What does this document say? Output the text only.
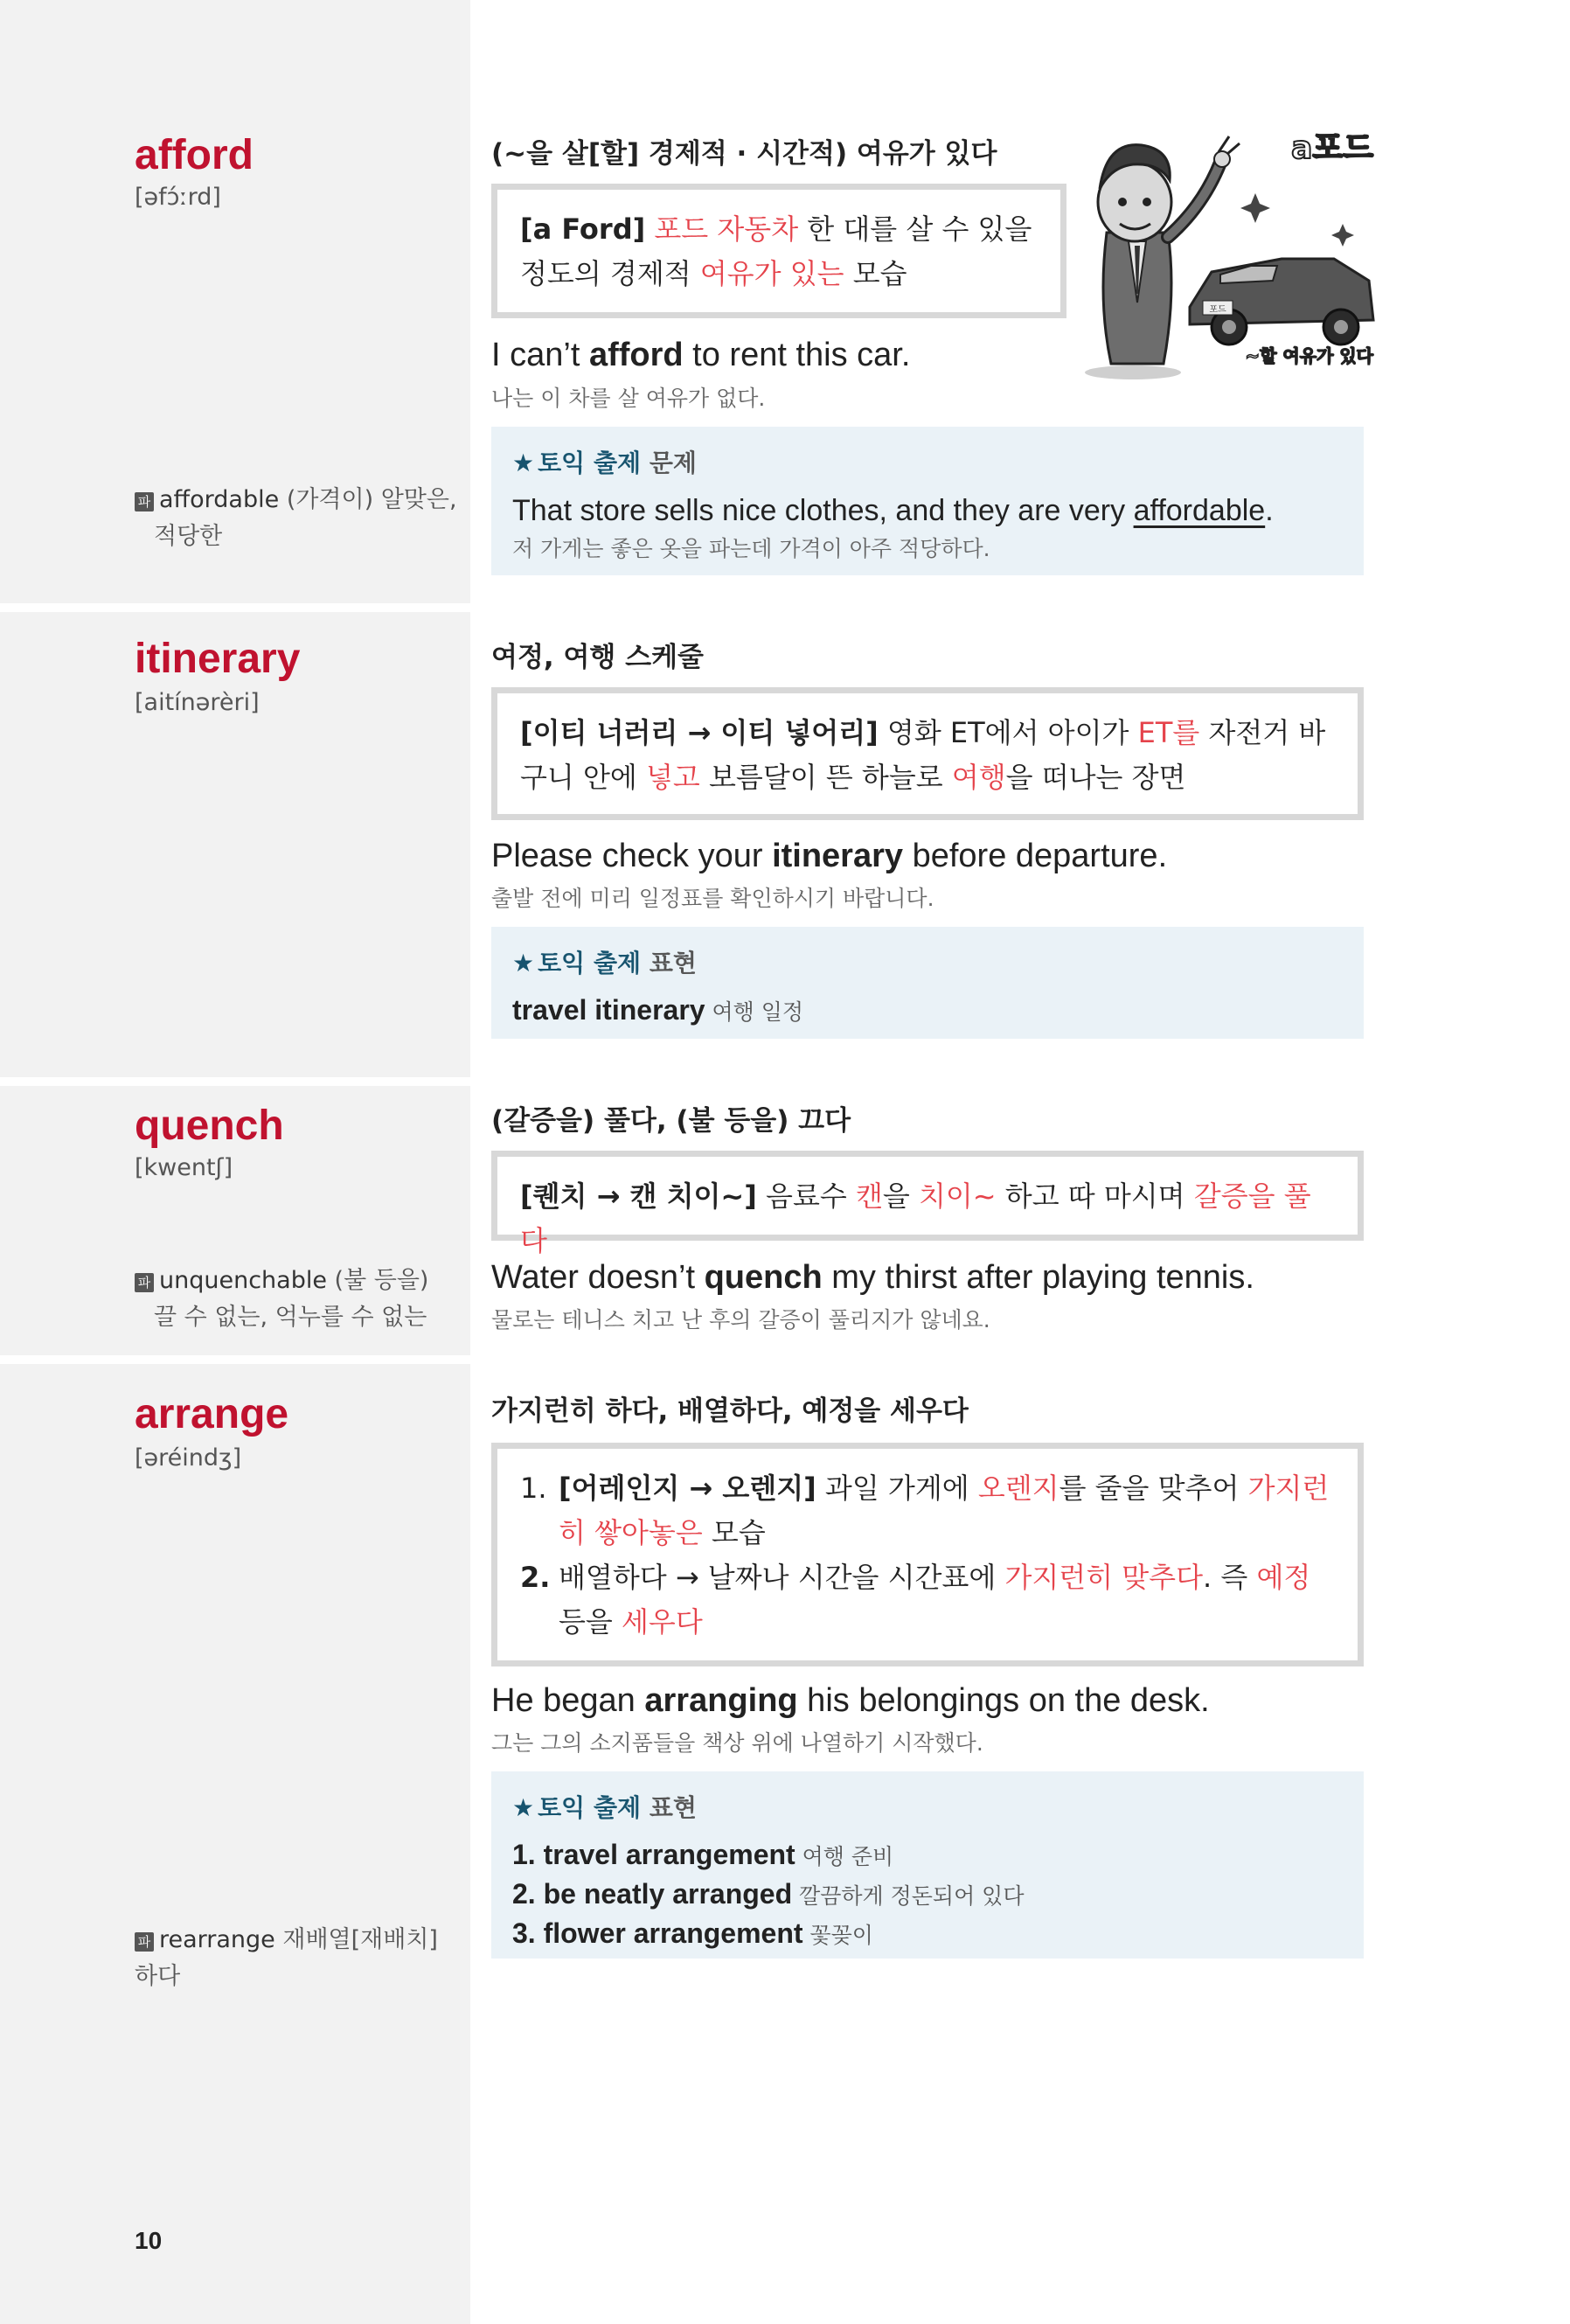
afford
[əfɔ́ːrd]
파 affordable (가격이) 알맞은,
적당한
(~을 살[할] 경제적 · 시간적) 여유가 있다
[a Ford] 포드 자동차 한 대를 살 수 있을 정도의 경제적 여유가 있는 모습
포드
a포드
~할 여유가 있다
I can’t afford to rent this car.
나는 이 차를 살 여유가 없다.
★ 토익 출제 문제
That store sells nice clothes, and they are very affordable.
저 가게는 좋은 옷을 파는데 가격이 아주 적당하다.
itinerary
[aitínərèri]
여정, 여행 스케줄
[이티 너러리 → 이티 넣어리] 영화 ET에서 아이가 ET를 자전거 바구니 안에 넣고 보름달이 뜬 하늘로 여행을 떠나는 장면
Please check your itinerary before departure.
출발 전에 미리 일정표를 확인하시기 바랍니다.
★ 토익 출제 표현
travel itinerary 여행 일정
quench
[kwentʃ]
파 unquenchable (불 등을)
끌 수 없는, 억누를 수 없는
(갈증을) 풀다, (불 등을) 끄다
[퀜치 → 캔 치이~] 음료수 캔을 치이~ 하고 따 마시며 갈증을 풀다
Water doesn’t quench my thirst after playing tennis.
물로는 테니스 치고 난 후의 갈증이 풀리지가 않네요.
arrange
[əréindʒ]
파 rearrange 재배열[재배치]하다
가지런히 하다, 배열하다, 예정을 세우다
1. [어레인지 → 오렌지] 과일 가게에 오렌지를 줄을 맞추어 가지런히 쌓아놓은 모습
2. 배열하다 → 날짜나 시간을 시간표에 가지런히 맞추다. 즉 예정 등을 세우다
He began arranging his belongings on the desk.
그는 그의 소지품들을 책상 위에 나열하기 시작했다.
★ 토익 출제 표현
1. travel arrangement 여행 준비
2. be neatly arranged 깔끔하게 정돈되어 있다
3. flower arrangement 꽃꽂이
10
